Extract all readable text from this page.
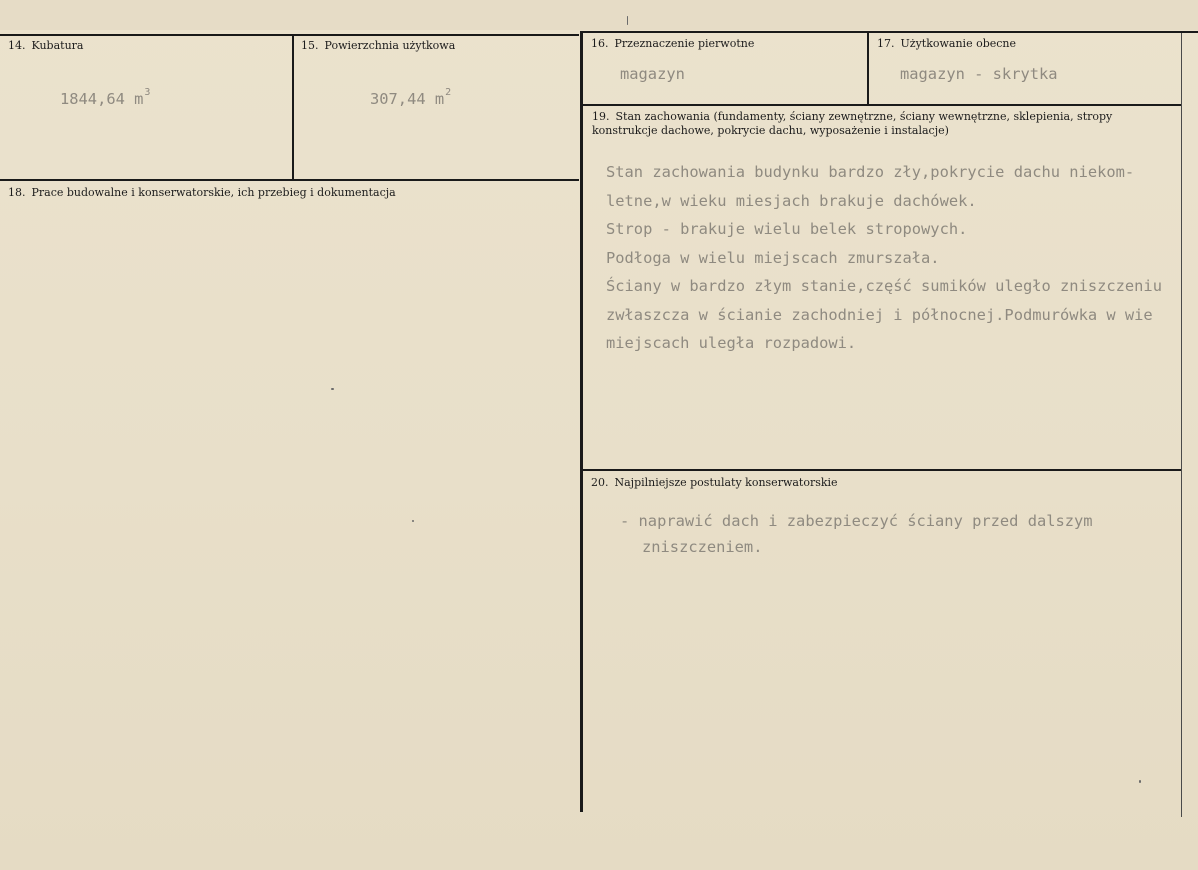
14. Kubatura
1844,64 $m^3$
15. Powierzchnia użytkowa
307,44 $m^2$
16. Przeznaczenie pierwotne
magazyn
17. Użytkowanie obecne
magazyn - skrytka
18. Prace budowalne i konserwatorskie, ich przebieg i dokumentacja
19. Stan zachowania (fundamenty, ściany zewnętrzne, ściany wewnętrzne, sklepienia, stropy
konstrukcje dachowe, pokrycie dachu, wyposażenie i instalacje)
Stan zachowania budynku bardzo zły,pokrycie dachu niekom-
letne,w wieku miesjach brakuje dachówek.
Strop - brakuje wielu belek stropowych.
Podłoga w wielu miejscach zmurszała.
Ściany w bardzo złym stanie,część sumików uległo zniszczeniu
zwłaszcza w ścianie zachodniej i północnej.Podmurówka w wie
miejscach uległa rozpadowi.
20. Najpilniejsze postulaty konserwatorskie
- naprawić dach i zabezpieczyć ściany przed dalszym
zniszczeniem.
